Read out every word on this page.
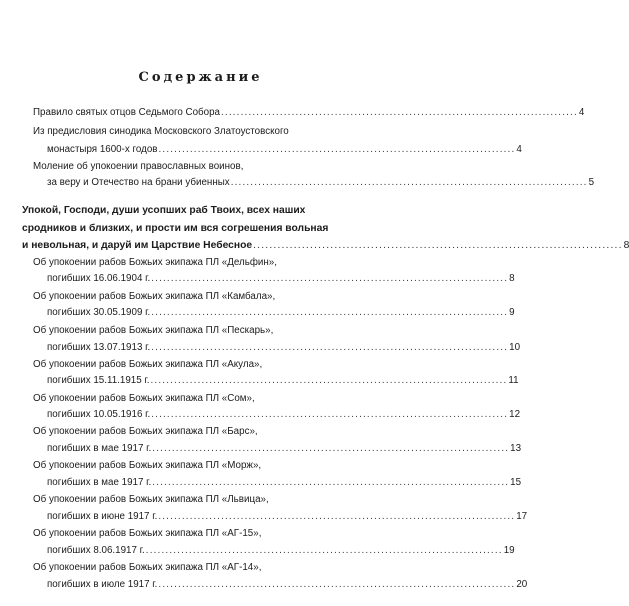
Содержание
Правило святых отцов Седьмого Собора ........................................................................................... 4
Из предисловия синодика Московского Златоустовского
монастыря 1600-х годов ........................................................................................... 4
Моление об упокоении православных воинов,
за веру и Отечество на брани убиенных ........................................................................................... 5
Упокой, Господи, души усопших раб Твоих, всех наших
сродников и близких, и прости им вся согрешения вольная
и невольная, и даруй им Царствие Небесное ........................................................................................... 8
Об упокоении рабов Божьих экипажа ПЛ «Дельфин»,
погибших 16.06.1904 г. ........................................................................................... 8
Об упокоении рабов Божьих экипажа ПЛ «Камбала»,
погибших 30.05.1909 г. ........................................................................................... 9
Об упокоении рабов Божьих экипажа ПЛ «Пескарь»,
погибших 13.07.1913 г. ........................................................................................... 10
Об упокоении рабов Божьих экипажа ПЛ «Акула»,
погибших 15.11.1915 г. ........................................................................................... 11
Об упокоении рабов Божьих экипажа ПЛ «Сом»,
погибших 10.05.1916 г. ........................................................................................... 12
Об упокоении рабов Божьих экипажа ПЛ «Барс»,
погибших в мае 1917 г. ........................................................................................... 13
Об упокоении рабов Божьих экипажа ПЛ «Морж»,
погибших в мае 1917 г. ........................................................................................... 15
Об упокоении рабов Божьих экипажа ПЛ «Львица»,
погибших в июне 1917 г. ........................................................................................... 17
Об упокоении рабов Божьих экипажа ПЛ «АГ-15»,
погибших 8.06.1917 г. ........................................................................................... 19
Об упокоении рабов Божьих экипажа ПЛ «АГ-14»,
погибших в июле 1917 г. ........................................................................................... 20
